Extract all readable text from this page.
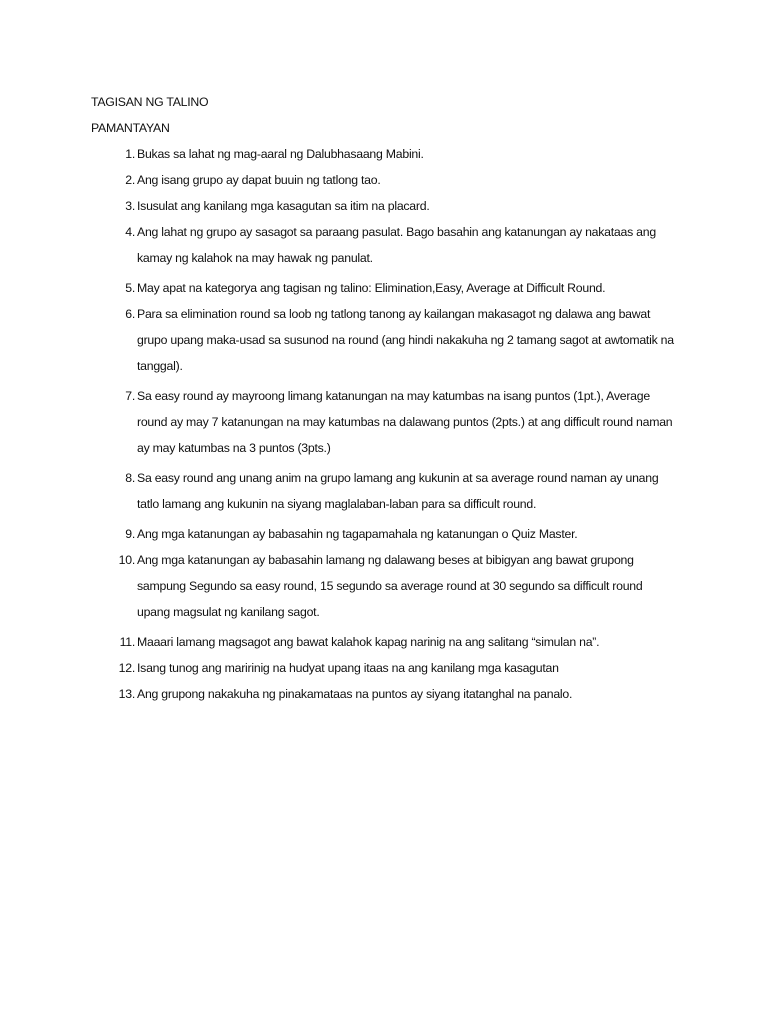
TAGISAN NG TALINO
PAMANTAYAN
1. Bukas sa lahat ng mag-aaral ng Dalubhasaang Mabini.
2. Ang isang grupo ay dapat buuin ng tatlong tao.
3. Isusulat ang kanilang mga kasagutan sa itim na placard.
4. Ang lahat ng grupo ay sasagot sa paraang pasulat. Bago basahin ang katanungan ay nakataas ang kamay ng kalahok na may hawak ng panulat.
5. May apat na kategorya ang tagisan ng talino: Elimination,Easy, Average at Difficult Round.
6. Para sa elimination round sa loob ng tatlong tanong ay kailangan makasagot ng dalawa ang bawat grupo upang maka-usad sa susunod na round (ang hindi nakakuha ng 2 tamang sagot at awtomatik na tanggal).
7. Sa easy round ay mayroong limang katanungan na may katumbas na isang puntos (1pt.), Average round ay may 7 katanungan na may katumbas na dalawang puntos (2pts.) at ang difficult round naman ay may katumbas na 3 puntos (3pts.)
8. Sa easy round ang unang anim na grupo lamang ang kukunin at sa average round naman ay unang tatlo lamang ang kukunin na siyang maglalaban-laban para sa difficult round.
9. Ang mga katanungan ay babasahin ng tagapamahala ng katanungan o Quiz Master.
10. Ang mga katanungan ay babasahin lamang ng dalawang beses at bibigyan ang bawat grupong sampung Segundo sa easy round, 15 segundo sa average round at 30 segundo sa difficult round upang magsulat ng kanilang sagot.
11. Maaari lamang magsagot ang bawat kalahok kapag narinig na ang salitang “simulan na”.
12. Isang tunog ang maririnig na hudyat upang itaas na ang kanilang mga kasagutan
13. Ang grupong nakakuha ng pinakamataas na puntos ay siyang itatanghal na panalo.
